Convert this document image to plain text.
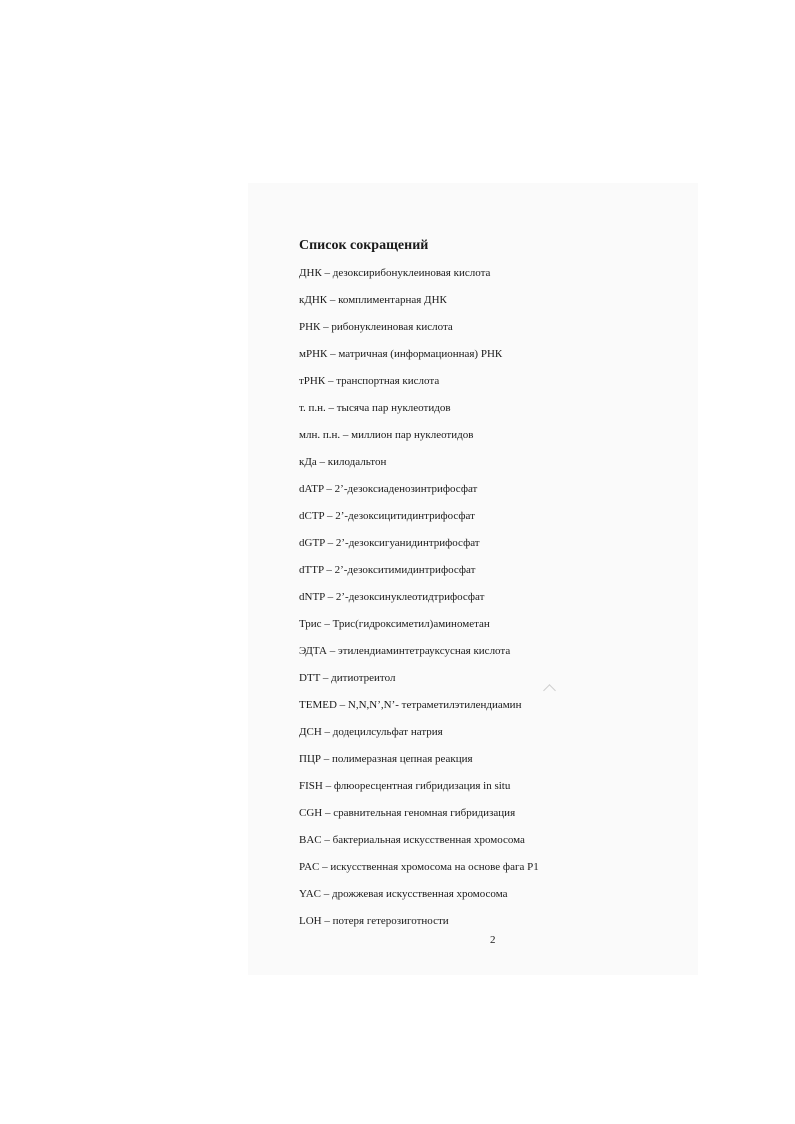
Список сокращений
ДНК – дезоксирибонуклеиновая кислота
кДНК – комплиментарная ДНК
РНК – рибонуклеиновая кислота
мРНК – матричная (информационная) РНК
тРНК – транспортная кислота
т. п.н. – тысяча пар нуклеотидов
млн. п.н. – миллион пар нуклеотидов
кДа – килодальтон
dATP – 2’-дезоксиаденозинтрифосфат
dCTP – 2’-дезоксицитидинтрифосфат
dGTP – 2’-дезоксигуанидинтрифосфат
dTTP – 2’-дезокситимидинтрифосфат
dNTP – 2’-дезоксинуклеотидтрифосфат
Трис – Трис(гидроксиметил)аминометан
ЭДТА – этилендиаминтетрауксусная кислота
DTT – дитиотреитол
TEMED – N,N,N’,N’- тетраметилэтилендиамин
ДСН – додецилсульфат натрия
ПЦР – полимеразная цепная реакция
FISH – флюоресцентная гибридизация in situ
CGH – сравнительная геномная гибридизация
BAC – бактериальная искусственная хромосома
PAC – искусственная хромосома на основе фага P1
YAC – дрожжевая искусственная хромосома
LOH – потеря гетерозиготности
2
